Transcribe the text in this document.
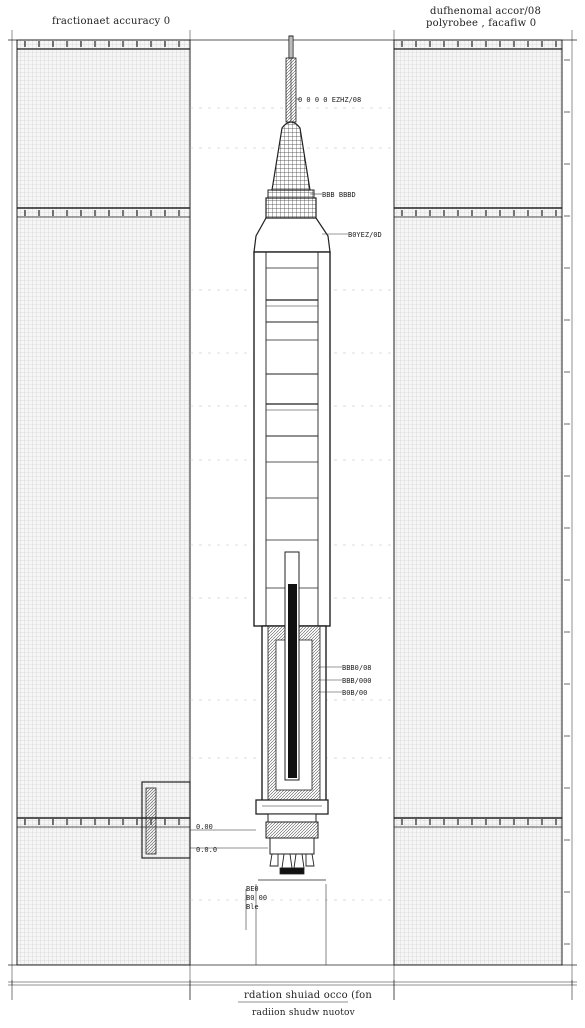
0 0 0 0 EZHZ/08
BBB BBBD
B0YEZ/0D
BBB0/08
BBB/000
B0B/00
0.00
0.0.0
BE0
B0 00
Ble
fractionaet accuracy 0
dufhenomal accor/08
polyrobee , facafiw 0
rdation shuiad occo (fon
radiion shudw nuotov
